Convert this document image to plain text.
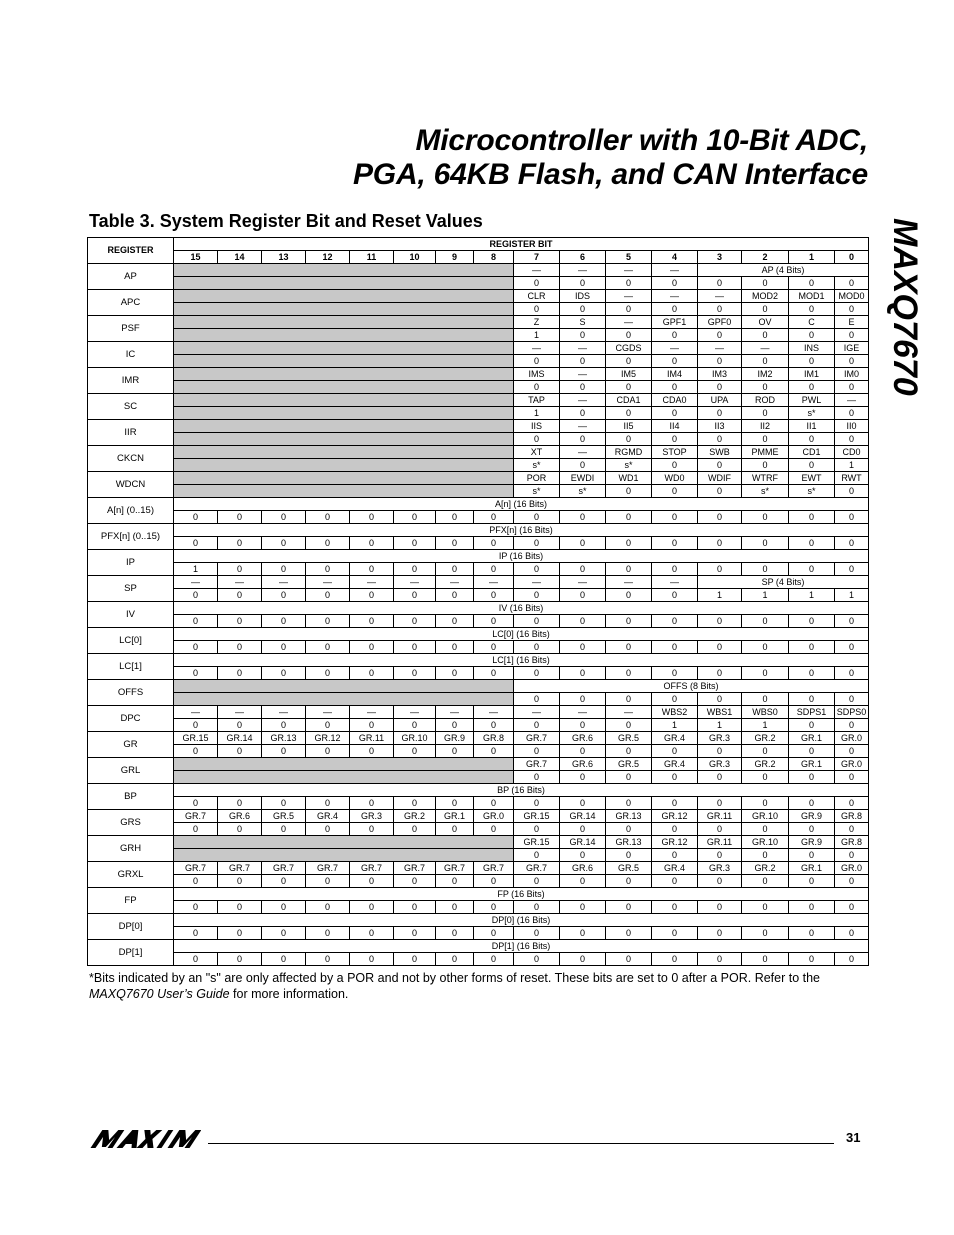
Microcontroller with 10-Bit ADC,
PGA, 64KB Flash, and CAN Interface
MAXQ7670
Table 3. System Register Bit and Reset Values
REGISTER	REGISTER BIT															
	15	14	13	12	11	10	9	8	7	6	5	4	3	2	1	0
AP									—	—	—	—	AP (4 Bits)			
									0	0	0	0	0	0	0	0
APC									CLR	IDS	—	—	—	MOD2	MOD1	MOD0
									0	0	0	0	0	0	0	0
PSF									Z	S	—	GPF1	GPF0	OV	C	E
									1	0	0	0	0	0	0	0
IC									—	—	CGDS	—	—	—	INS	IGE
									0	0	0	0	0	0	0	0
IMR									IMS	—	IM5	IM4	IM3	IM2	IM1	IM0
									0	0	0	0	0	0	0	0
SC									TAP	—	CDA1	CDA0	UPA	ROD	PWL	—
									1	0	0	0	0	0	s*	0
IIR									IIS	—	II5	II4	II3	II2	II1	II0
									0	0	0	0	0	0	0	0
CKCN									XT	—	RGMD	STOP	SWB	PMME	CD1	CD0
									s*	0	s*	0	0	0	0	1
WDCN									POR	EWDI	WD1	WD0	WDIF	WTRF	EWT	RWT
									s*	s*	0	0	0	s*	s*	0
A[n] (0..15)	A[n] (16 Bits)															
	0	0	0	0	0	0	0	0	0	0	0	0	0	0	0	0
PFX[n] (0..15)	PFX[n] (16 Bits)															
	0	0	0	0	0	0	0	0	0	0	0	0	0	0	0	0
IP	IP (16 Bits)															
	1	0	0	0	0	0	0	0	0	0	0	0	0	0	0	0
SP	—	—	—	—	—	—	—	—	—	—	—	—	SP (4 Bits)			
	0	0	0	0	0	0	0	0	0	0	0	0	1	1	1	1
IV	IV (16 Bits)															
	0	0	0	0	0	0	0	0	0	0	0	0	0	0	0	0
LC[0]	LC[0] (16 Bits)															
	0	0	0	0	0	0	0	0	0	0	0	0	0	0	0	0
LC[1]	LC[1] (16 Bits)															
	0	0	0	0	0	0	0	0	0	0	0	0	0	0	0	0
OFFS									OFFS (8 Bits)							
									0	0	0	0	0	0	0	0
DPC	—	—	—	—	—	—	—	—	—	—	—	WBS2	WBS1	WBS0	SDPS1	SDPS0
	0	0	0	0	0	0	0	0	0	0	0	1	1	1	0	0
GR	GR.15	GR.14	GR.13	GR.12	GR.11	GR.10	GR.9	GR.8	GR.7	GR.6	GR.5	GR.4	GR.3	GR.2	GR.1	GR.0
	0	0	0	0	0	0	0	0	0	0	0	0	0	0	0	0
GRL									GR.7	GR.6	GR.5	GR.4	GR.3	GR.2	GR.1	GR.0
									0	0	0	0	0	0	0	0
BP	BP (16 Bits)															
	0	0	0	0	0	0	0	0	0	0	0	0	0	0	0	0
GRS	GR.7	GR.6	GR.5	GR.4	GR.3	GR.2	GR.1	GR.0	GR.15	GR.14	GR.13	GR.12	GR.11	GR.10	GR.9	GR.8
	0	0	0	0	0	0	0	0	0	0	0	0	0	0	0	0
GRH									GR.15	GR.14	GR.13	GR.12	GR.11	GR.10	GR.9	GR.8
									0	0	0	0	0	0	0	0
GRXL	GR.7	GR.7	GR.7	GR.7	GR.7	GR.7	GR.7	GR.7	GR.7	GR.6	GR.5	GR.4	GR.3	GR.2	GR.1	GR.0
	0	0	0	0	0	0	0	0	0	0	0	0	0	0	0	0
FP	FP (16 Bits)															
	0	0	0	0	0	0	0	0	0	0	0	0	0	0	0	0
DP[0]	DP[0] (16 Bits)															
	0	0	0	0	0	0	0	0	0	0	0	0	0	0	0	0
DP[1]	DP[1] (16 Bits)															
	0	0	0	0	0	0	0	0	0	0	0	0	0	0	0	0
*Bits indicated by an "s" are only affected by a POR and not by other forms of reset. These bits are set to 0 after a POR. Refer to the MAXQ7670 User’s Guide for more information.
31
